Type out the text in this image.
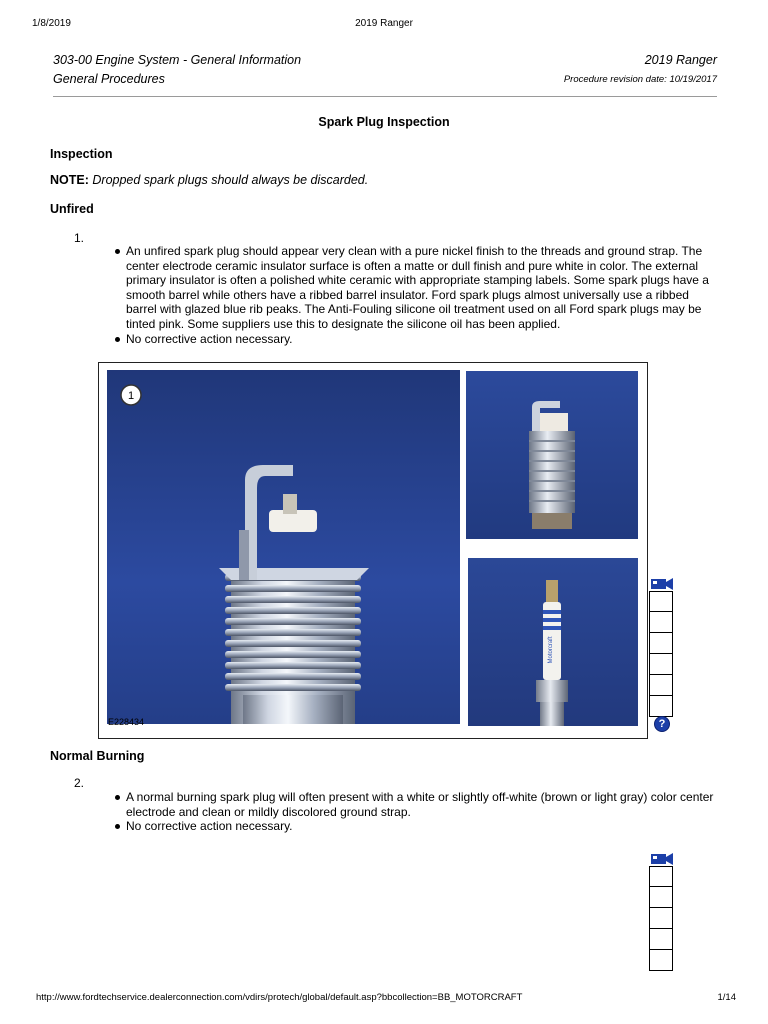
1/8/2019	2019 Ranger
303-00 Engine System - General Information
General Procedures
2019 Ranger
Procedure revision date: 10/19/2017
Spark Plug Inspection
Inspection
NOTE: Dropped spark plugs should always be discarded.
Unfired
1.
An unfired spark plug should appear very clean with a pure nickel finish to the threads and ground strap. The center electrode ceramic insulator surface is often a matte or dull finish and pure white in color. The external primary insulator is often a polished white ceramic with appropriate stamping labels. Some spark plugs have a smooth barrel while others have a ribbed barrel insulator. Ford spark plugs almost universally use a ribbed barrel with glazed blue rib peaks. The Anti-Fouling silicone oil treatment used on all Ford spark plugs may be tinted pink. Some suppliers use this to designate the silicone oil has been applied.
No corrective action necessary.
1
Motorcraft
E228434	?
Normal Burning
2.
A normal burning spark plug will often present with a white or slightly off-white (brown or light gray) color center electrode and clean or mildly discolored ground strap.
No corrective action necessary.
http://www.fordtechservice.dealerconnection.com/vdirs/protech/global/default.asp?bbcollection=BB_MOTORCRAFT	1/14
